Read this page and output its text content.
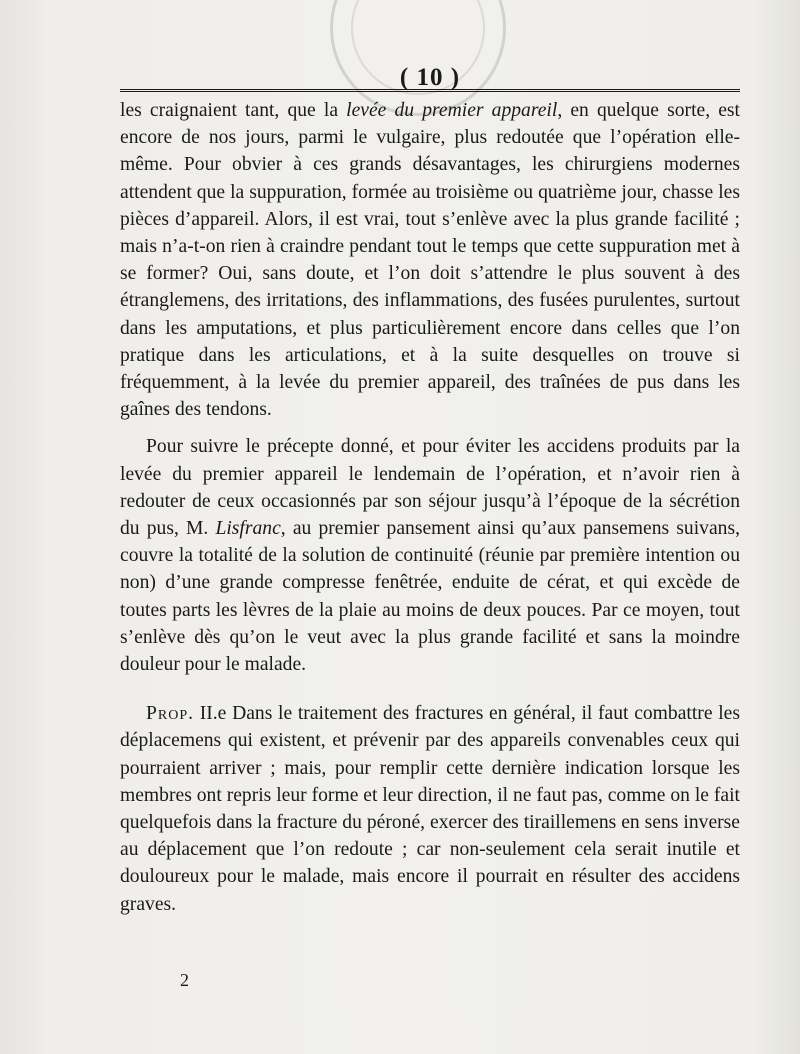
( 10 )

les craignaient tant, que la levée du premier appareil, en quelque sorte, est encore de nos jours, parmi le vulgaire, plus redoutée que l’opération elle-même. Pour obvier à ces grands désavantages, les chirurgiens modernes attendent que la suppuration, formée au troisième ou quatrième jour, chasse les pièces d’appareil. Alors, il est vrai, tout s’enlève avec la plus grande facilité ; mais n’a-t-on rien à craindre pendant tout le temps que cette suppuration met à se former? Oui, sans doute, et l’on doit s’attendre le plus souvent à des étranglemens, des irritations, des inflammations, des fusées purulentes, surtout dans les amputations, et plus particulièrement encore dans celles que l’on pratique dans les articulations, et à la suite desquelles on trouve si fréquemment, à la levée du premier appareil, des traînées de pus dans les gaînes des tendons.

Pour suivre le précepte donné, et pour éviter les accidens produits par la levée du premier appareil le lendemain de l’opération, et n’avoir rien à redouter de ceux occasionnés par son séjour jusqu’à l’époque de la sécrétion du pus, M. Lisfranc, au premier pansement ainsi qu’aux pansemens suivans, couvre la totalité de la solution de continuité (réunie par première intention ou non) d’une grande compresse fenêtrée, enduite de cérat, et qui excède de toutes parts les lèvres de la plaie au moins de deux pouces. Par ce moyen, tout s’enlève dès qu’on le veut avec la plus grande facilité et sans la moindre douleur pour le malade.

Prop. II.e Dans le traitement des fractures en général, il faut combattre les déplacemens qui existent, et prévenir par des appareils convenables ceux qui pourraient arriver ; mais, pour remplir cette dernière indication lorsque les membres ont repris leur forme et leur direction, il ne faut pas, comme on le fait quelquefois dans la fracture du péroné, exercer des tiraillemens en sens inverse au déplacement que l’on redoute ; car non-seulement cela serait inutile et douloureux pour le malade, mais encore il pourrait en résulter des accidens graves.

2
